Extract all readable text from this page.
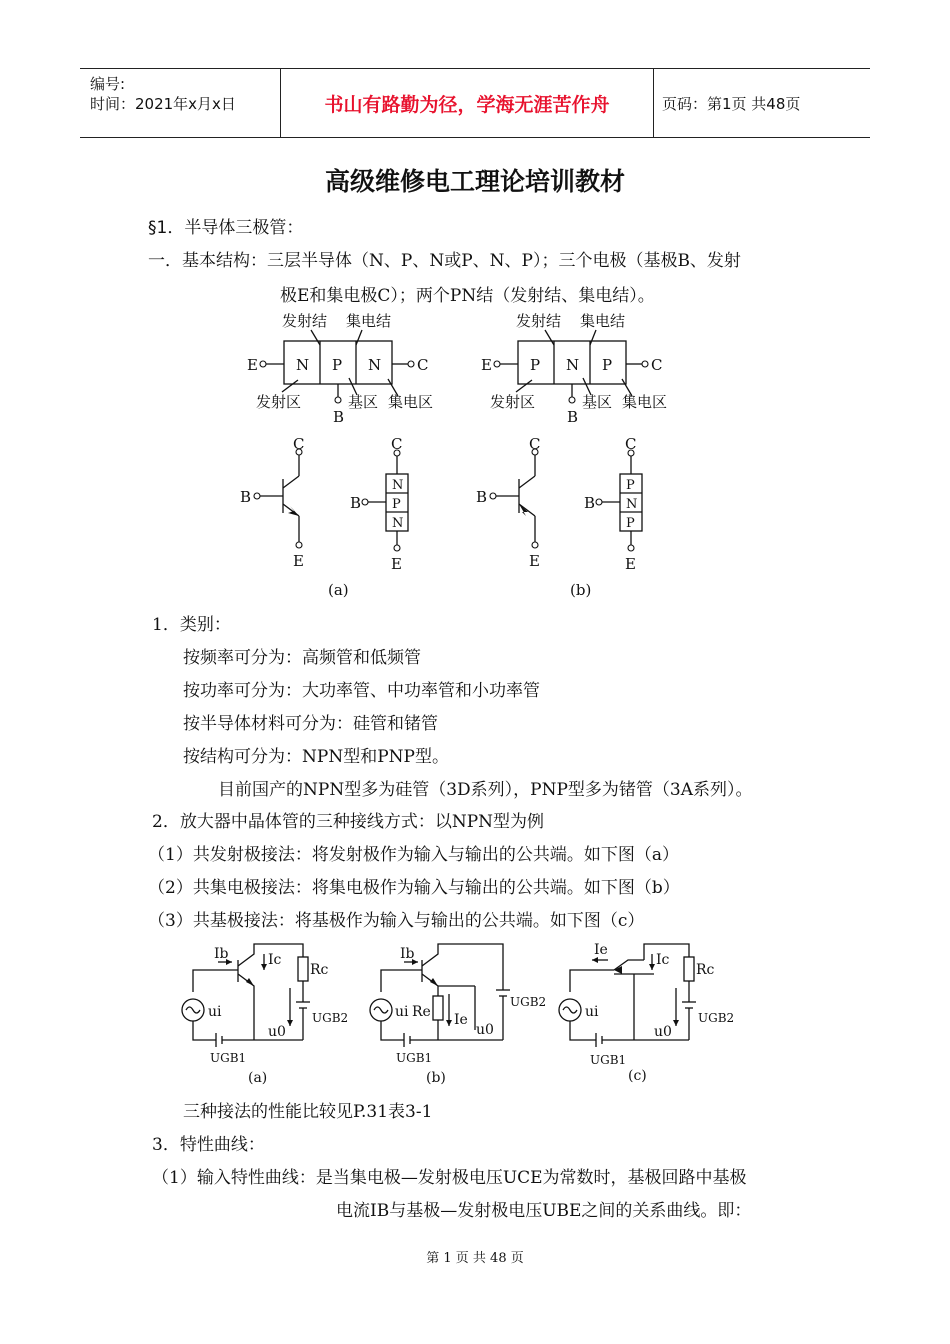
编号:
时间：2021年x月x日	书山有路勤为径，学海无涯苦作舟	页码：第1页 共48页
高级维修电工理论培训教材
§1．半导体三极管：
一．基本结构：三层半导体（N、P、N或P、N、P）；三个电极（基极B、发射
极E和集电极C）；两个PN结（发射结、集电结）。
发射结 集电结
E	C
N P N
发射区
B
基区 集电区
发射结 集电结
E	C
P N P
发射区
B
基区 集电区
C
B
E
C
B
E
N
P
N
(a)
C
B
E
C
B
E
P
N
P
(b)
1．类别：
按频率可分为：高频管和低频管
按功率可分为：大功率管、中功率管和小功率管
按半导体材料可分为：硅管和锗管
按结构可分为：NPN型和PNP型。
目前国产的NPN型多为硅管（3D系列），PNP型多为锗管（3A系列）。
2．放大器中晶体管的三种接线方式：以NPN型为例
（1）共发射极接法：将发射极作为输入与输出的公共端。如下图（a）
（2）共集电极接法：将集电极作为输入与输出的公共端。如下图（b）
（3）共基极接法：将基极作为输入与输出的公共端。如下图（c）
Ib	Ic
Rc
ui
u0
UGB2
UGB1
(a)
Ib
Re Ie
ui
u0
UGB2
UGB1
(b)
Ie
Ic
Rc
ui
u0
UGB2
UGB1
(c)
三种接法的性能比较见P.31表3-1
3．特性曲线：
（1）输入特性曲线：是当集电极—发射极电压UCE为常数时，基极回路中基极
电流IB与基极—发射极电压UBE之间的关系曲线。即：
第 1 页 共 48 页
